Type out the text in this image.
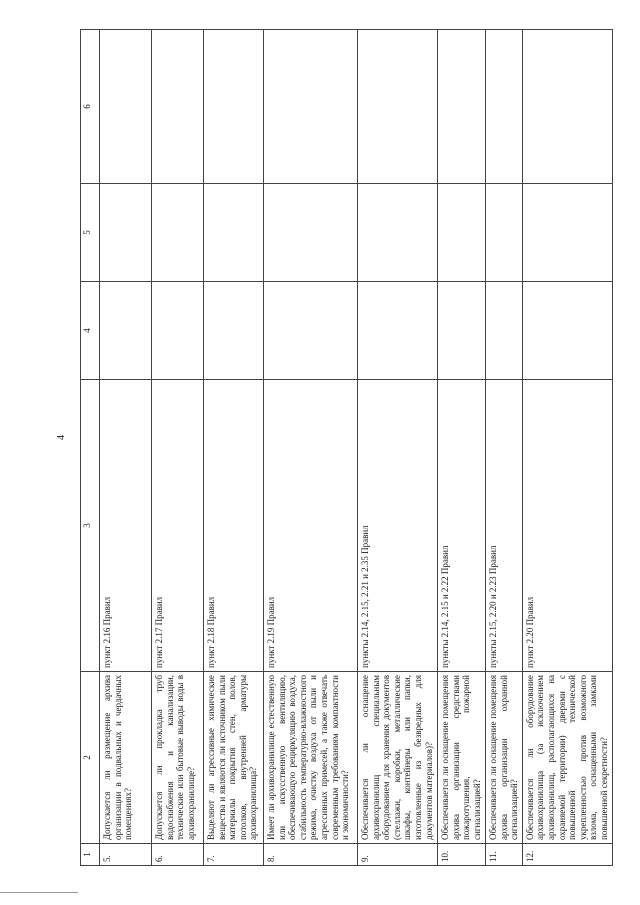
4
1	2	3	4	5	6
5.	Допускается ли размещение архива организации в подвальных и чердачных помещениях?	пункт 2.16 Правил			
6.	Допускается ли прокладка труб водоснабжения и канализации, технические или бытовые выводы воды в архивохранилище?	пункт 2.17 Правил			
7.	Выделяют ли агрессивные химические вещества и являются ли источником пыли материалы покрытия стен, полов, потолков, внутренней арматуры архивохранилища?	пункт 2.18 Правил			
8.	Имеет ли архивохранилище естественную или искусственную вентиляцию, обеспечивающую рециркуляцию воздуха, стабильность температурно-влажностного режима, очистку воздуха от пыли и агрессивных примесей, а также отвечать современным требованиям компактности и экономичности?	пункт 2.19 Правил			
9.	Обеспечивается ли оснащение архивохранилищ специальным оборудованием для хранения документов (стеллажи, коробки, металлические шкафы, контейнеры или папки, изготовленные из безвредных для документов материалов)?	пункты 2.14, 2.15, 2.21 и 2.35 Правил			
10.	Обеспечивается ли оснащение помещения архива организации средствами пожаротушения, пожарной сигнализацией?	пункты 2.14, 2.15 и 2.22 Правил			
11.	Обеспечивается ли оснащение помещения архива организации охранной сигнализацией?	пункты 2.15, 2.20 и 2.23 Правил			
12.	Обеспечивается ли оборудование архивохранилища (за исключением архивохранилищ, располагающихся на охраняемой территории) дверями с повышенной технической укрепленностью против возможного взлома, оснащенными замками повышенной секретности?	пункт 2.20 Правил			
